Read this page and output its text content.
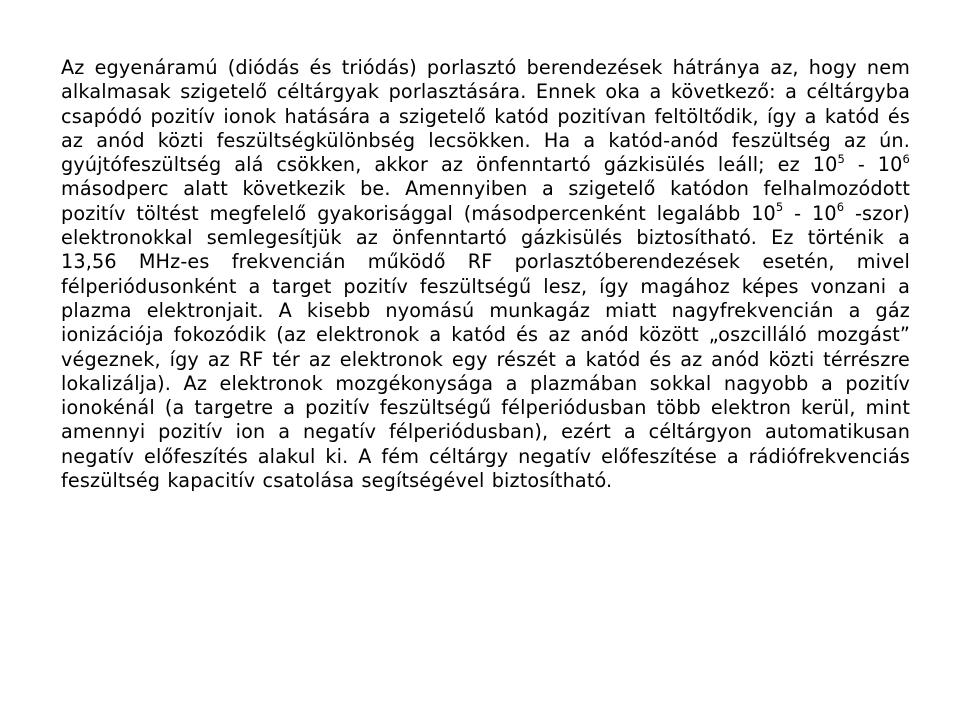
Az egyenáramú (diódás és triódás) porlasztó berendezések hátránya az, hogy nem alkalmasak szigetelő céltárgyak porlasztására. Ennek oka a következő: a céltárgyba csapódó pozitív ionok hatására a szigetelő katód pozitívan feltöltődik, így a katód és az anód közti feszültségkülönbség lecsökken. Ha a katód-anód feszültség az ún. gyújtófeszültség alá csökken, akkor az önfenntartó gázkisülés leáll; ez $10^5 - 10^6$ másodperc alatt következik be. Amennyiben a szigetelő katódon felhalmozódott pozitív töltést megfelelő gyakorisággal (másodpercenként legalább $10^5 - 10^6$ -szor) elektronokkal semlegesítjük az önfenntartó gázkisülés biztosítható. Ez történik a 13,56 MHz-es frekvencián működő RF porlasztóberendezések esetén, mivel félperiódusonként a target pozitív feszültségű lesz, így magához képes vonzani a plazma elektronjait. A kisebb nyomású munkagáz miatt nagyfrekvencián a gáz ionizációja fokozódik (az elektronok a katód és az anód között „oszcilláló mozgást” végeznek, így az RF tér az elektronok egy részét a katód és az anód közti térrészre lokalizálja). Az elektronok mozgékonysága a plazmában sokkal nagyobb a pozitív ionokénál (a targetre a pozitív feszültségű félperiódusban több elektron kerül, mint amennyi pozitív ion a negatív félperiódusban), ezért a céltárgyon automatikusan negatív előfeszítés alakul ki. A fém céltárgy negatív előfeszítése a rádiófrekvenciás feszültség kapacitív csatolása segítségével biztosítható.
